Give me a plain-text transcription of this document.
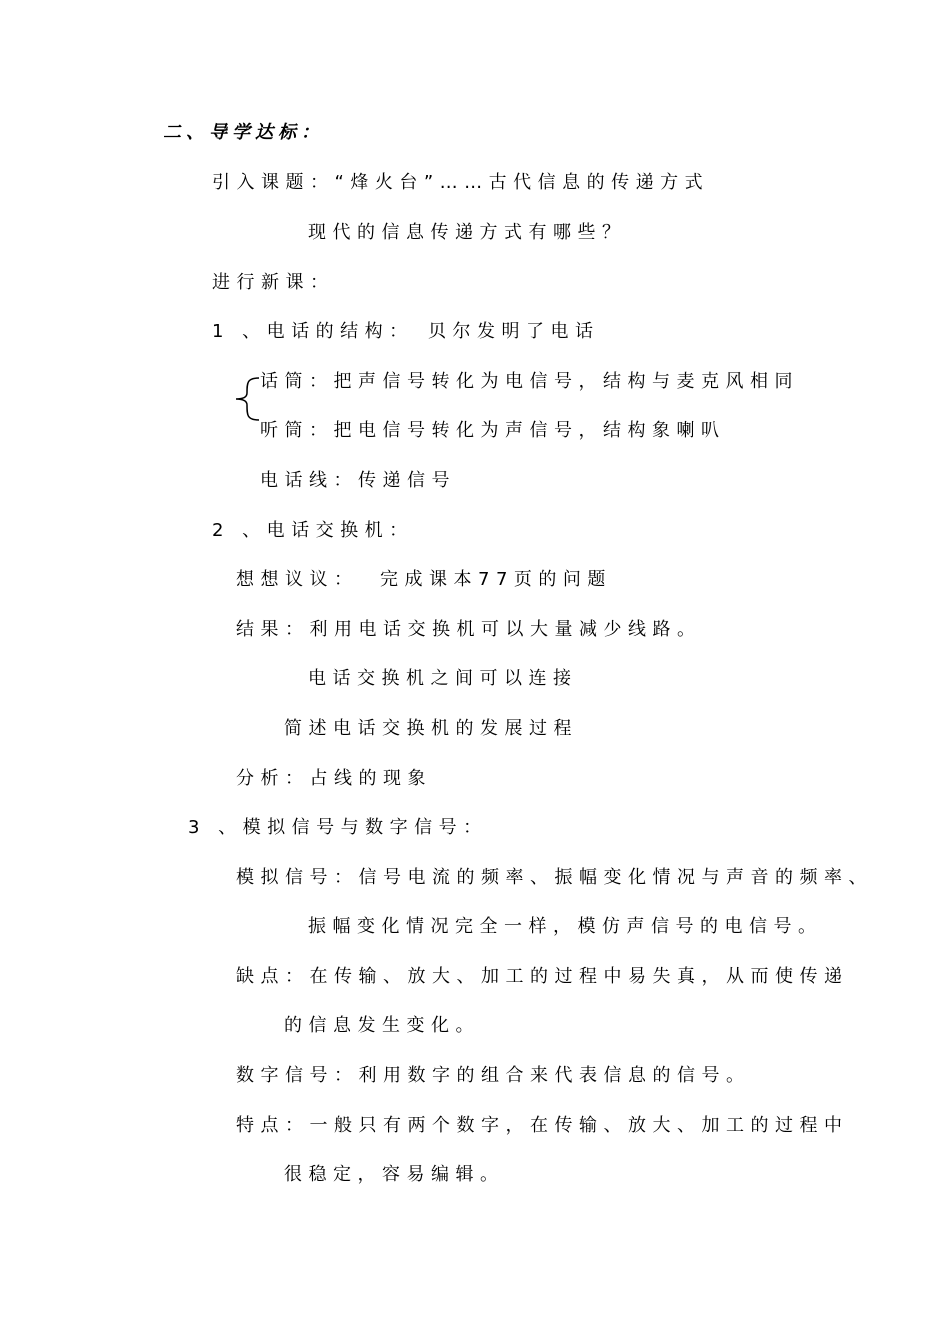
二、导学达标：
引入课题：“烽火台”……古代信息的传递方式
现代的信息传递方式有哪些？
进行新课：
1 、电话的结构： 贝尔发明了电话
话筒：把声信号转化为电信号，结构与麦克风相同
听筒：把电信号转化为声信号，结构象喇叭
电话线：传递信号
2 、电话交换机：
想想议议： 完成课本77页的问题
结果：利用电话交换机可以大量减少线路。
电话交换机之间可以连接
简述电话交换机的发展过程
分析：占线的现象
3 、模拟信号与数字信号：
模拟信号：信号电流的频率、振幅变化情况与声音的频率、
振幅变化情况完全一样，模仿声信号的电信号。
缺点：在传输、放大、加工的过程中易失真，从而使传递
的信息发生变化。
数字信号：利用数字的组合来代表信息的信号。
特点：一般只有两个数字，在传输、放大、加工的过程中
很稳定，容易编辑。
